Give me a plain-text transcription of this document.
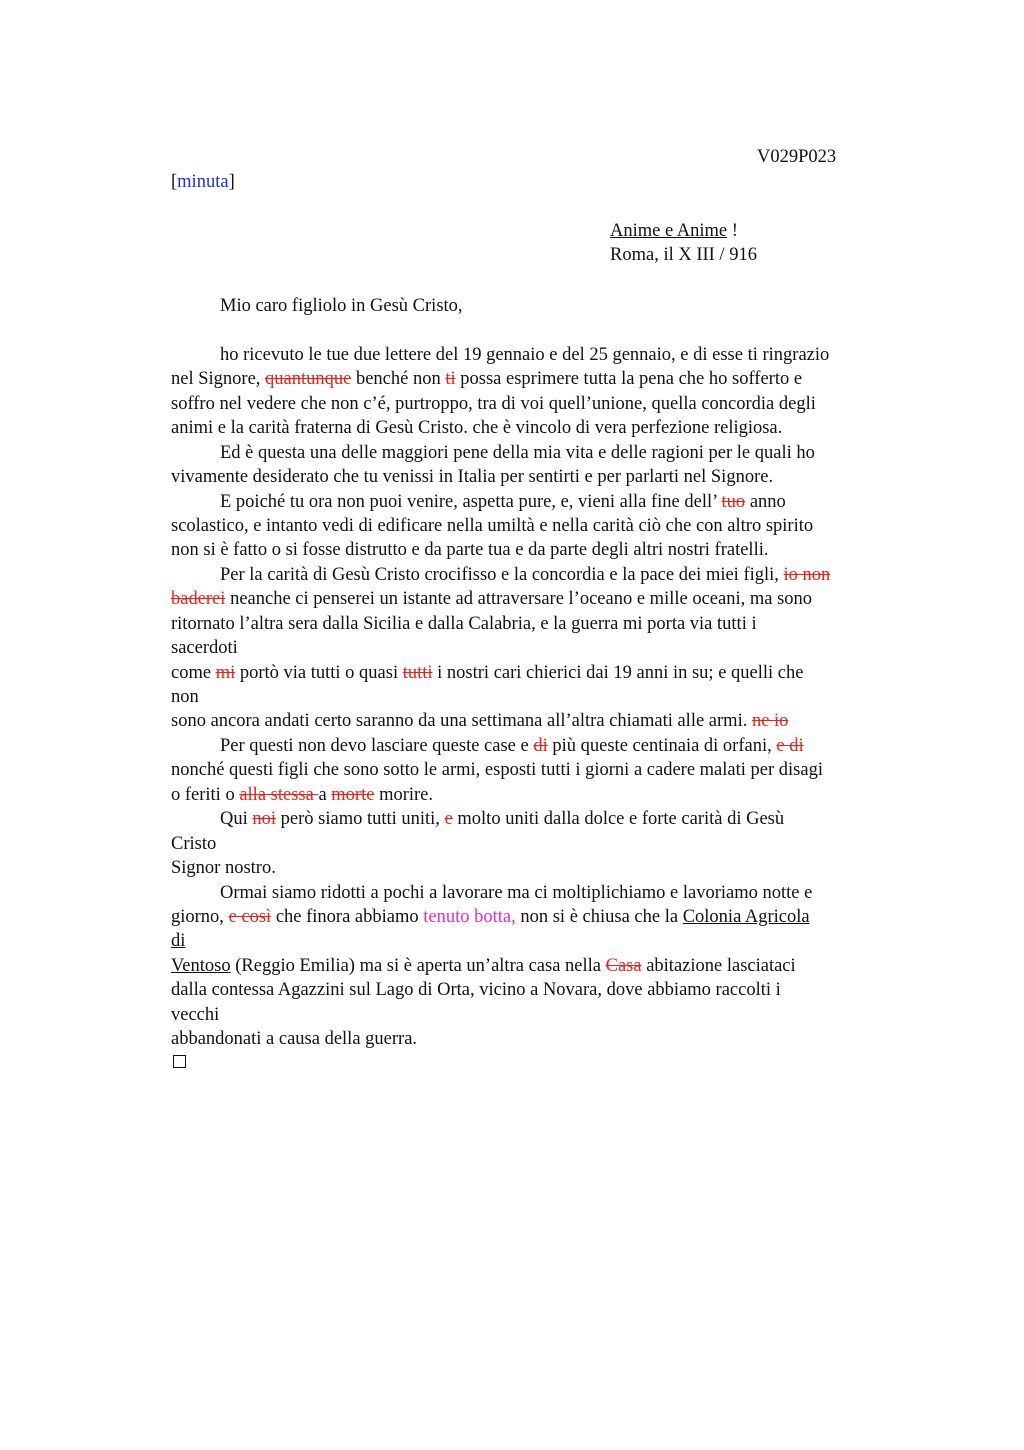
V029P023
[minuta]
Anime e Anime !
Roma, il X III / 916
Mio caro figliolo in Gesù Cristo,
ho ricevuto le tue due lettere del 19 gennaio e del 25 gennaio, e di esse ti ringrazio
nel Signore, quantunque benché non ti possa esprimere tutta la pena che ho sofferto e
soffro nel vedere che non c’é, purtroppo, tra di voi quell’unione, quella concordia degli
animi e la carità fraterna di Gesù Cristo. che è vincolo di vera perfezione religiosa.
Ed è questa una delle maggiori pene della mia vita e delle ragioni per le quali ho
vivamente desiderato che tu venissi in Italia per sentirti e per parlarti nel Signore.
E poiché tu ora non puoi venire, aspetta pure, e, vieni alla fine dell’ tuo anno
scolastico, e intanto vedi di edificare nella umiltà e nella carità ciò che con altro spirito
non si è fatto o si fosse distrutto e da parte tua e da parte degli altri nostri fratelli.
Per la carità di Gesù Cristo crocifisso e la concordia e la pace dei miei figli, io non
baderei neanche ci penserei un istante ad attraversare l’oceano e mille oceani, ma sono
ritornato l’altra sera dalla Sicilia e dalla Calabria, e la guerra mi porta via tutti i
sacerdoti
come mi portò via tutti o quasi tutti i nostri cari chierici dai 19 anni in su; e quelli che
non
sono ancora andati certo saranno da una settimana all’altra chiamati alle armi. ne io
Per questi non devo lasciare queste case e di più queste centinaia di orfani, e di
nonché questi figli che sono sotto le armi, esposti tutti i giorni a cadere malati per disagi
o feriti o alla stessa a morte morire.
Qui noi però siamo tutti uniti, e molto uniti dalla dolce e forte carità di Gesù
Cristo
Signor nostro.
Ormai siamo ridotti a pochi a lavorare ma ci moltiplichiamo e lavoriamo notte e
giorno, e così che finora abbiamo tenuto botta, non si è chiusa che la Colonia Agricola
di
Ventoso (Reggio Emilia) ma si è aperta un’altra casa nella Casa abitazione lasciataci
dalla contessa Agazzini sul Lago di Orta, vicino a Novara, dove abbiamo raccolti i
vecchi
abbandonati a causa della guerra.
